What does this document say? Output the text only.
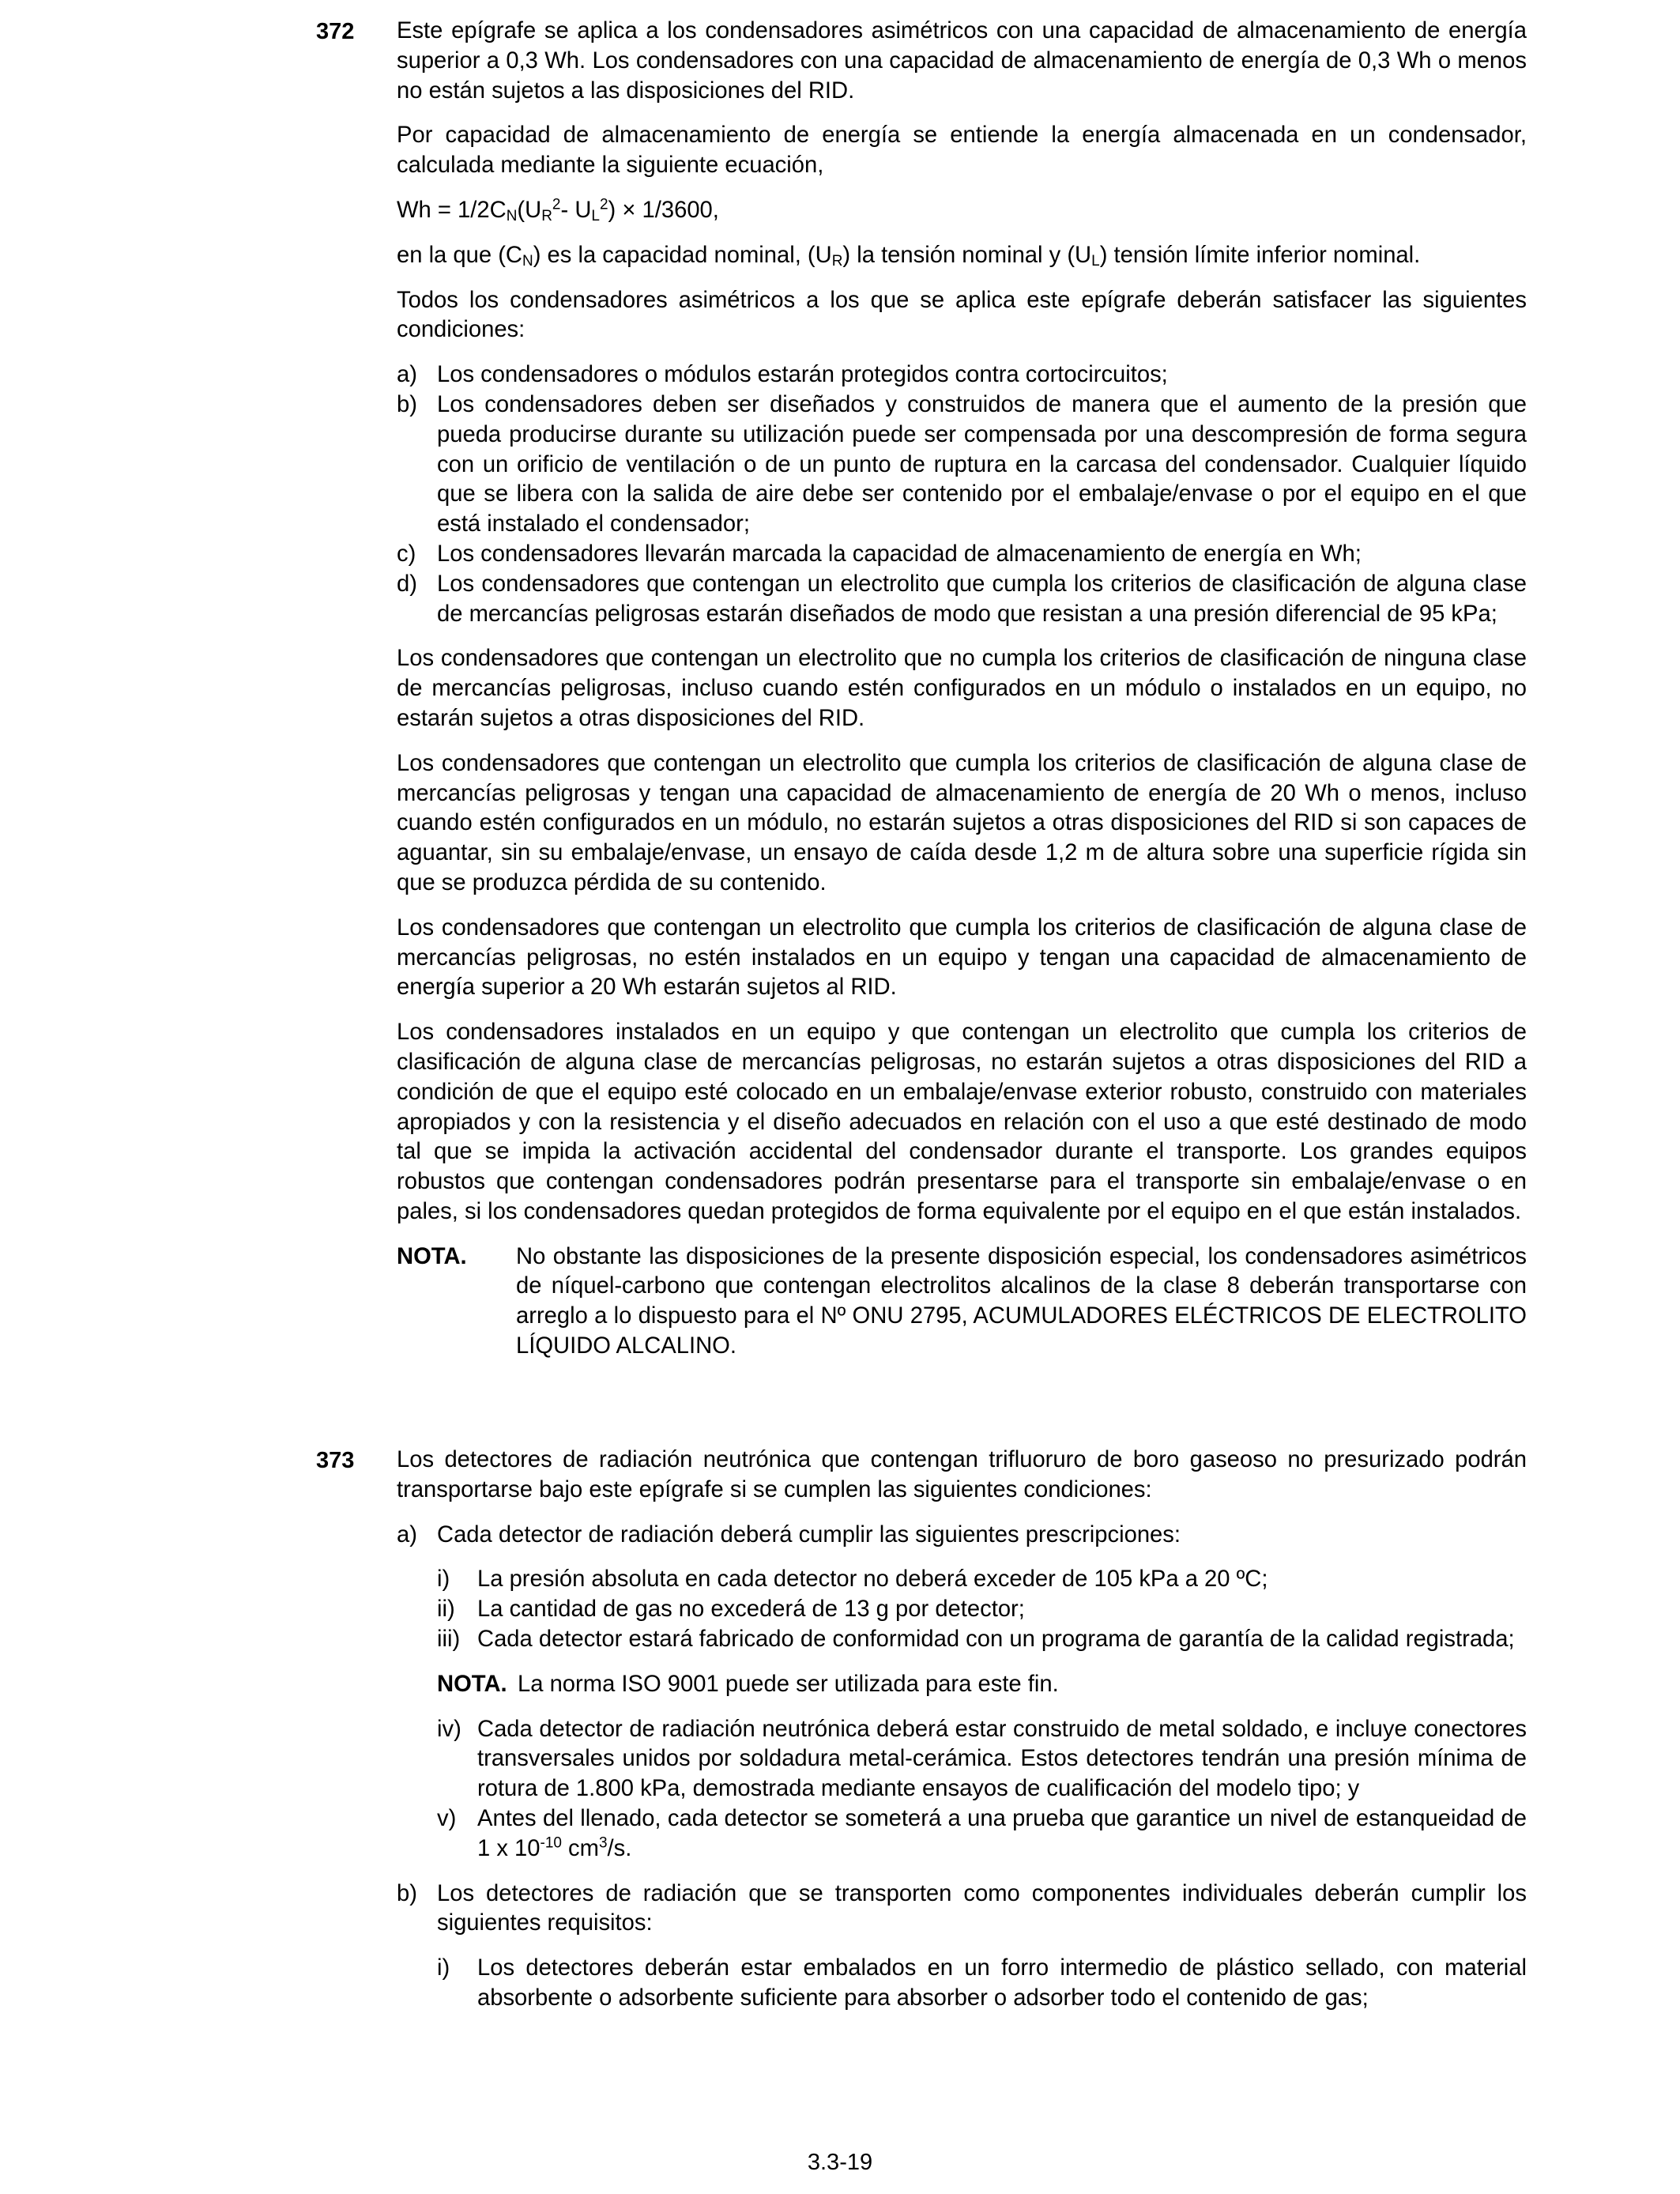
372 Este epígrafe se aplica a los condensadores asimétricos con una capacidad de almacenamiento de energía superior a 0,3 Wh. Los condensadores con una capacidad de almacenamiento de energía de 0,3 Wh o menos no están sujetos a las disposiciones del RID.

Por capacidad de almacenamiento de energía se entiende la energía almacenada en un condensador, calculada mediante la siguiente ecuación,

$Wh = 1/2C_N(U_R^2-$ $U_L^2) \times 1/3600$,

en la que $(C_N)$ es la capacidad nominal, $(U_R)$ la tensión nominal y $(U_L)$ tensión límite inferior nominal.

Todos los condensadores asimétricos a los que se aplica este epígrafe deberán satisfacer las siguientes condiciones:

a) Los condensadores o módulos estarán protegidos contra cortocircuitos;
b) Los condensadores deben ser diseñados y construidos de manera que el aumento de la presión que pueda producirse durante su utilización puede ser compensada por una descompresión de forma segura con un orificio de ventilación o de un punto de ruptura en la carcasa del condensador. Cualquier líquido que se libera con la salida de aire debe ser contenido por el embalaje/envase o por el equipo en el que está instalado el condensador;
c) Los condensadores llevarán marcada la capacidad de almacenamiento de energía en Wh;
d) Los condensadores que contengan un electrolito que cumpla los criterios de clasificación de alguna clase de mercancías peligrosas estarán diseñados de modo que resistan a una presión diferencial de 95 kPa;

Los condensadores que contengan un electrolito que no cumpla los criterios de clasificación de ninguna clase de mercancías peligrosas, incluso cuando estén configurados en un módulo o instalados en un equipo, no estarán sujetos a otras disposiciones del RID.

Los condensadores que contengan un electrolito que cumpla los criterios de clasificación de alguna clase de mercancías peligrosas y tengan una capacidad de almacenamiento de energía de 20 Wh o menos, incluso cuando estén configurados en un módulo, no estarán sujetos a otras disposiciones del RID si son capaces de aguantar, sin su embalaje/envase, un ensayo de caída desde 1,2 m de altura sobre una superficie rígida sin que se produzca pérdida de su contenido.

Los condensadores que contengan un electrolito que cumpla los criterios de clasificación de alguna clase de mercancías peligrosas, no estén instalados en un equipo y tengan una capacidad de almacenamiento de energía superior a 20 Wh estarán sujetos al RID.

Los condensadores instalados en un equipo y que contengan un electrolito que cumpla los criterios de clasificación de alguna clase de mercancías peligrosas, no estarán sujetos a otras disposiciones del RID a condición de que el equipo esté colocado en un embalaje/envase exterior robusto, construido con materiales apropiados y con la resistencia y el diseño adecuados en relación con el uso a que esté destinado de modo tal que se impida la activación accidental del condensador durante el transporte. Los grandes equipos robustos que contengan condensadores podrán presentarse para el transporte sin embalaje/envase o en pales, si los condensadores quedan protegidos de forma equivalente por el equipo en el que están instalados.

NOTA. No obstante las disposiciones de la presente disposición especial, los condensadores asimétricos de níquel-carbono que contengan electrolitos alcalinos de la clase 8 deberán transportarse con arreglo a lo dispuesto para el Nº ONU 2795, ACUMULADORES ELÉCTRICOS DE ELECTROLITO LÍQUIDO ALCALINO.
373 Los detectores de radiación neutrónica que contengan trifluoruro de boro gaseoso no presurizado podrán transportarse bajo este epígrafe si se cumplen las siguientes condiciones:

a) Cada detector de radiación deberá cumplir las siguientes prescripciones:
i) La presión absoluta en cada detector no deberá exceder de 105 kPa a 20 ºC;
ii) La cantidad de gas no excederá de 13 g por detector;
iii) Cada detector estará fabricado de conformidad con un programa de garantía de la calidad registrada;
NOTA. La norma ISO 9001 puede ser utilizada para este fin.
iv) Cada detector de radiación neutrónica deberá estar construido de metal soldado, e incluye conectores transversales unidos por soldadura metal-cerámica. Estos detectores tendrán una presión mínima de rotura de 1.800 kPa, demostrada mediante ensayos de cualificación del modelo tipo; y
v) Antes del llenado, cada detector se someterá a una prueba que garantice un nivel de estanqueidad de 1 x $10^{-10}$ $cm^3/s$.
b) Los detectores de radiación que se transporten como componentes individuales deberán cumplir los siguientes requisitos:
i) Los detectores deberán estar embalados en un forro intermedio de plástico sellado, con material absorbente o adsorbente suficiente para absorber o adsorber todo el contenido de gas;
3.3-19
